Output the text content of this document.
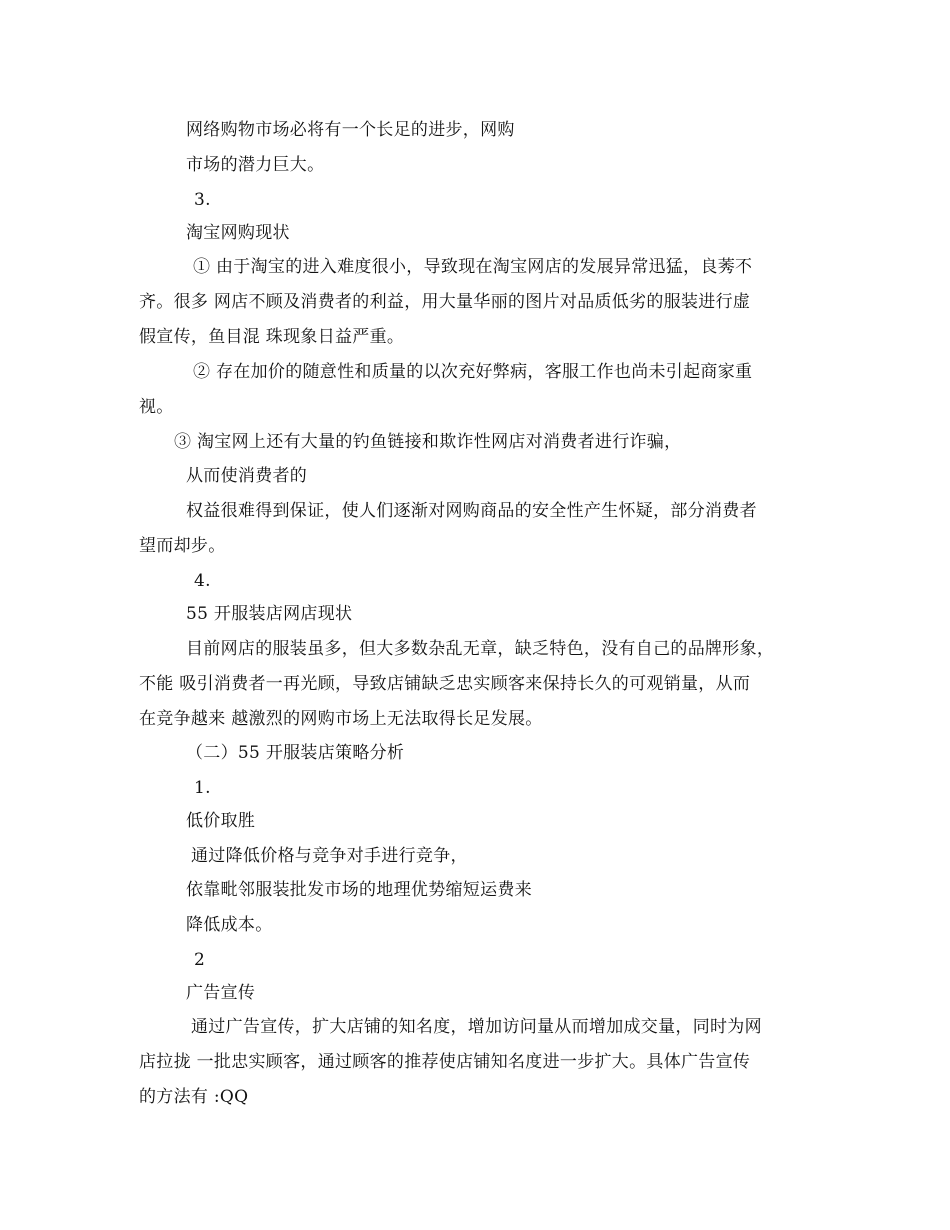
网络购物市场必将有一个长足的进步，网购
市场的潜力巨大。
3.
淘宝网购现状
① 由于淘宝的进入难度很小，导致现在淘宝网店的发展异常迅猛，良莠不
齐。很多 网店不顾及消费者的利益，用大量华丽的图片对品质低劣的服装进行虚
假宣传，鱼目混 珠现象日益严重。
② 存在加价的随意性和质量的以次充好弊病，客服工作也尚未引起商家重
视。
③ 淘宝网上还有大量的钓鱼链接和欺诈性网店对消费者进行诈骗，
从而使消费者的
权益很难得到保证，使人们逐渐对网购商品的安全性产生怀疑，部分消费者
望而却步。
4.
55 开服装店网店现状
目前网店的服装虽多，但大多数杂乱无章，缺乏特色，没有自己的品牌形象，
不能 吸引消费者一再光顾，导致店铺缺乏忠实顾客来保持长久的可观销量，从而
在竞争越来 越激烈的网购市场上无法取得长足发展。
（二）55 开服装店策略分析
1.
低价取胜
通过降低价格与竞争对手进行竞争，
依靠毗邻服装批发市场的地理优势缩短运费来
降低成本。
2
广告宣传
通过广告宣传，扩大店铺的知名度，增加访问量从而增加成交量，同时为网
店拉拢 一批忠实顾客，通过顾客的推荐使店铺知名度进一步扩大。具体广告宣传
的方法有 :QQ
